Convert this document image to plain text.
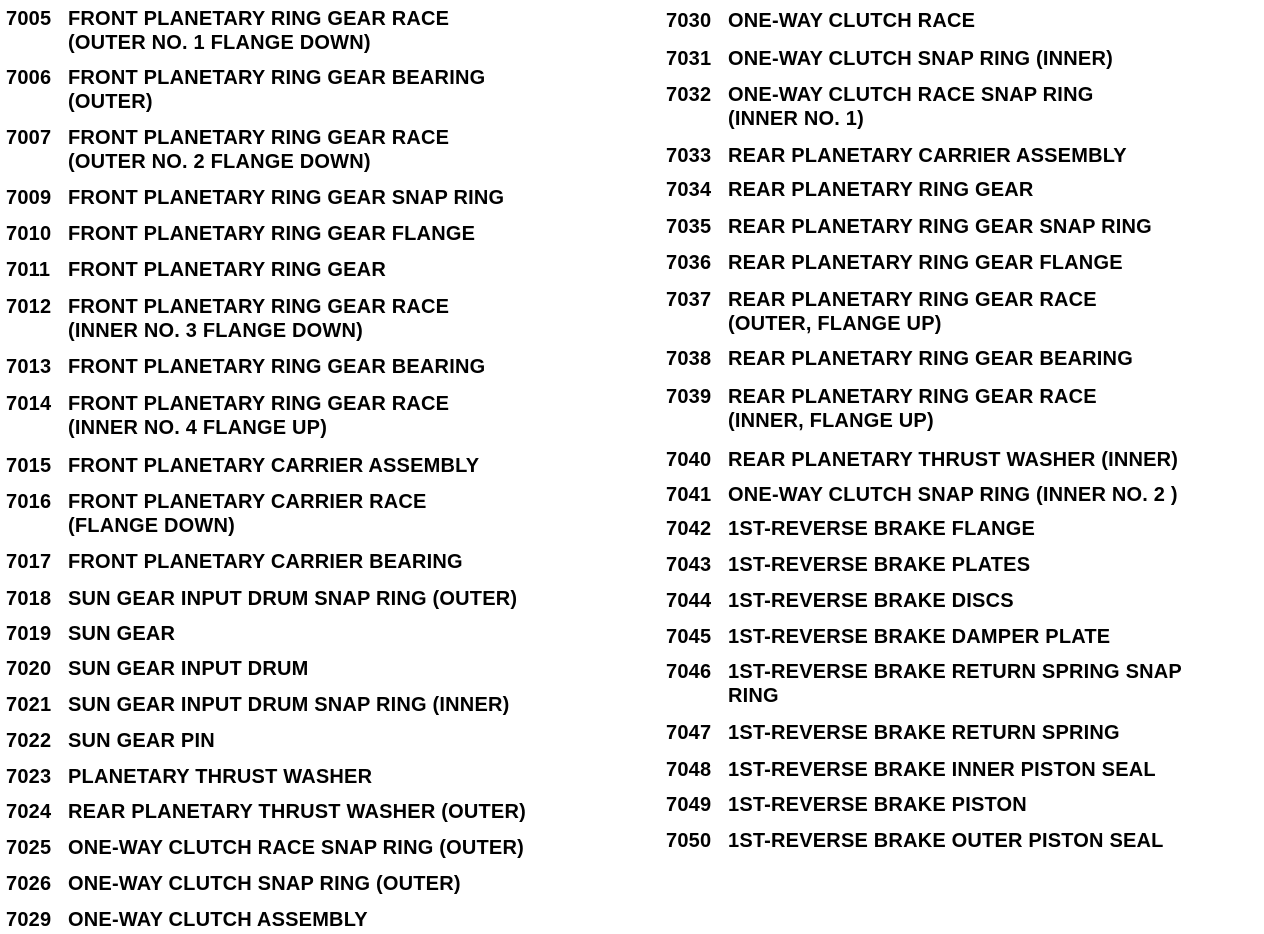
7005 FRONT PLANETARY RING GEAR RACE
(OUTER NO. 1 FLANGE DOWN)
7006 FRONT PLANETARY RING GEAR BEARING
(OUTER)
7007 FRONT PLANETARY RING GEAR RACE
(OUTER NO. 2 FLANGE DOWN)
7009 FRONT PLANETARY RING GEAR SNAP RING
7010 FRONT PLANETARY RING GEAR FLANGE
7011 FRONT PLANETARY RING GEAR
7012 FRONT PLANETARY RING GEAR RACE
(INNER NO. 3 FLANGE DOWN)
7013 FRONT PLANETARY RING GEAR BEARING
7014 FRONT PLANETARY RING GEAR RACE
(INNER NO. 4 FLANGE UP)
7015 FRONT PLANETARY CARRIER ASSEMBLY
7016 FRONT PLANETARY CARRIER RACE
(FLANGE DOWN)
7017 FRONT PLANETARY CARRIER BEARING
7018 SUN GEAR INPUT DRUM SNAP RING (OUTER)
7019 SUN GEAR
7020 SUN GEAR INPUT DRUM
7021 SUN GEAR INPUT DRUM SNAP RING (INNER)
7022 SUN GEAR PIN
7023 PLANETARY THRUST WASHER
7024 REAR PLANETARY THRUST WASHER (OUTER)
7025 ONE-WAY CLUTCH RACE SNAP RING (OUTER)
7026 ONE-WAY CLUTCH SNAP RING (OUTER)
7029 ONE-WAY CLUTCH ASSEMBLY
7030 ONE-WAY CLUTCH RACE
7031 ONE-WAY CLUTCH SNAP RING (INNER)
7032 ONE-WAY CLUTCH RACE SNAP RING
(INNER NO. 1)
7033 REAR PLANETARY CARRIER ASSEMBLY
7034 REAR PLANETARY RING GEAR
7035 REAR PLANETARY RING GEAR SNAP RING
7036 REAR PLANETARY RING GEAR FLANGE
7037 REAR PLANETARY RING GEAR RACE
(OUTER, FLANGE UP)
7038 REAR PLANETARY RING GEAR BEARING
7039 REAR PLANETARY RING GEAR RACE
(INNER, FLANGE UP)
7040 REAR PLANETARY THRUST WASHER (INNER)
7041 ONE-WAY CLUTCH SNAP RING (INNER NO. 2 )
7042 1ST-REVERSE BRAKE FLANGE
7043 1ST-REVERSE BRAKE PLATES
7044 1ST-REVERSE BRAKE DISCS
7045 1ST-REVERSE BRAKE DAMPER PLATE
7046 1ST-REVERSE BRAKE RETURN SPRING SNAP
RING
7047 1ST-REVERSE BRAKE RETURN SPRING
7048 1ST-REVERSE BRAKE INNER PISTON SEAL
7049 1ST-REVERSE BRAKE PISTON
7050 1ST-REVERSE BRAKE OUTER PISTON SEAL
